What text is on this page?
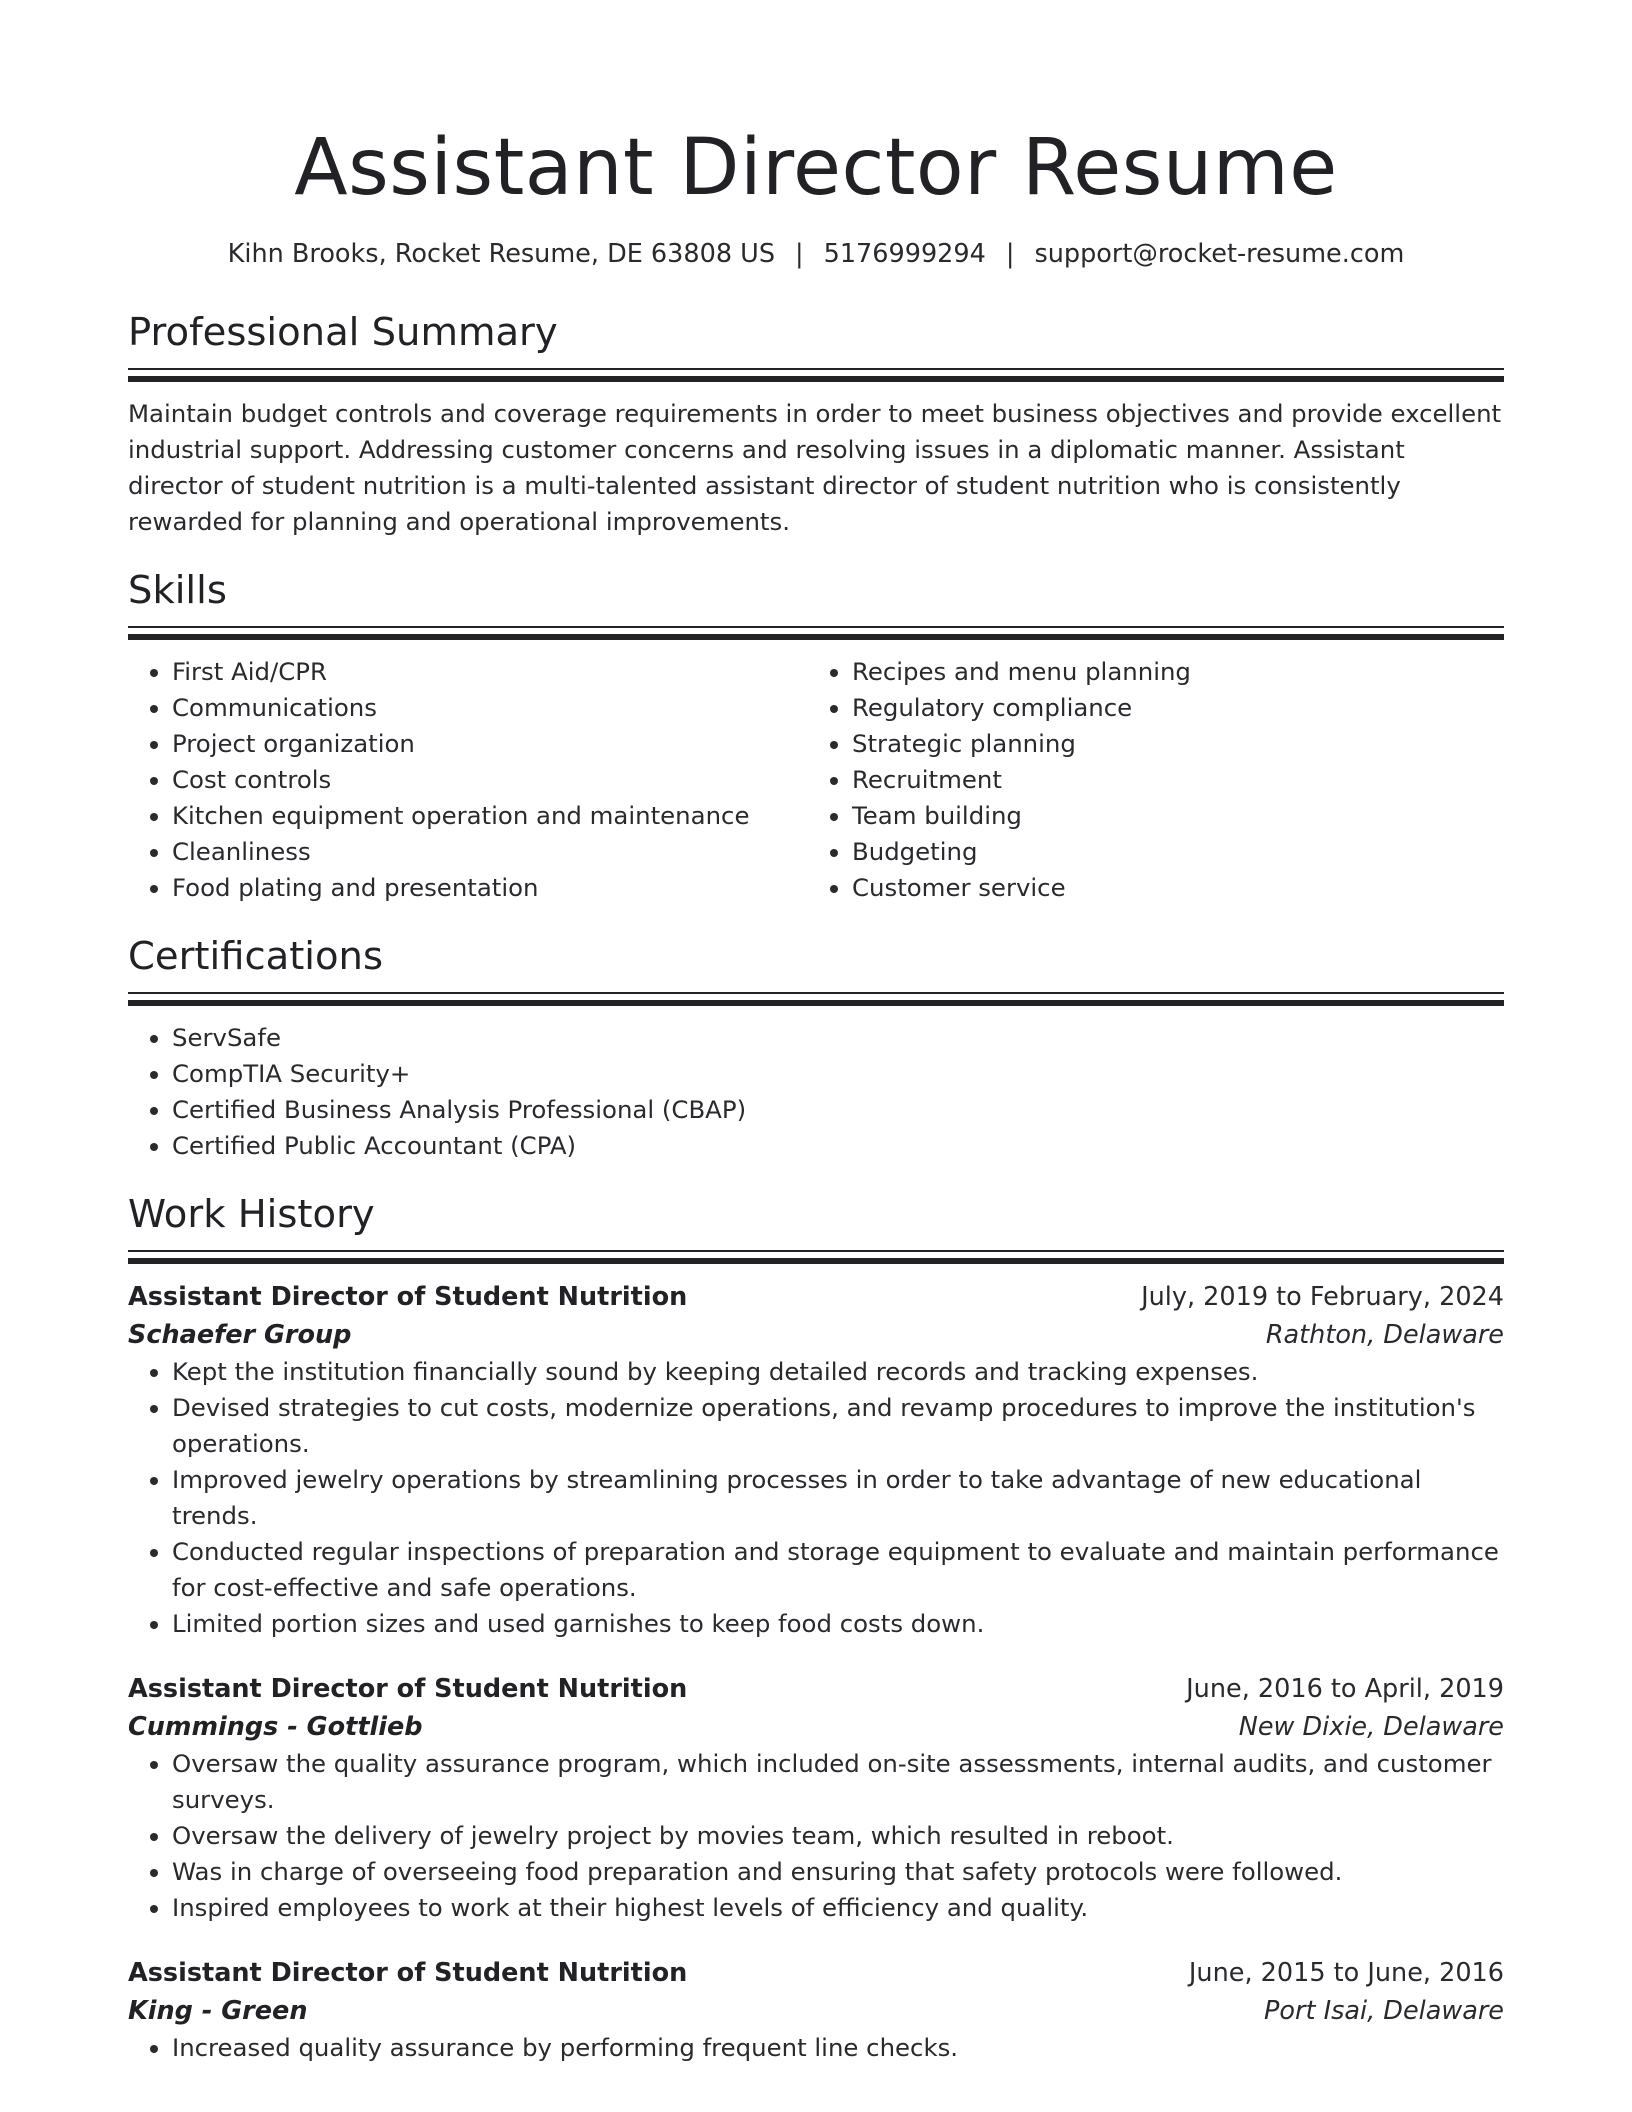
Assistant Director Resume
Kihn Brooks, Rocket Resume, DE 63808 US | 5176999294 | support@rocket-resume.com
Professional Summary

Maintain budget controls and coverage requirements in order to meet business objectives and provide excellent industrial support. Addressing customer concerns and resolving issues in a diplomatic manner. Assistant director of student nutrition is a multi-talented assistant director of student nutrition who is consistently rewarded for planning and operational improvements.

Skills
• First Aid/CPR
• Communications
• Project organization
• Cost controls
• Kitchen equipment operation and maintenance
• Cleanliness
• Food plating and presentation
• Recipes and menu planning
• Regulatory compliance
• Strategic planning
• Recruitment
• Team building
• Budgeting
• Customer service
Certifications
• ServSafe
• CompTIA Security+
• Certified Business Analysis Professional (CBAP)
• Certified Public Accountant (CPA)
Work History
Assistant Director of Student Nutrition	July, 2019 to February, 2024
Schaefer Group	Rathton, Delaware
• Kept the institution financially sound by keeping detailed records and tracking expenses.
• Devised strategies to cut costs, modernize operations, and revamp procedures to improve the institution's operations.
• Improved jewelry operations by streamlining processes in order to take advantage of new educational trends.
• Conducted regular inspections of preparation and storage equipment to evaluate and maintain performance for cost-effective and safe operations.
• Limited portion sizes and used garnishes to keep food costs down.
Assistant Director of Student Nutrition	June, 2016 to April, 2019
Cummings - Gottlieb	New Dixie, Delaware
• Oversaw the quality assurance program, which included on-site assessments, internal audits, and customer surveys.
• Oversaw the delivery of jewelry project by movies team, which resulted in reboot.
• Was in charge of overseeing food preparation and ensuring that safety protocols were followed.
• Inspired employees to work at their highest levels of efficiency and quality.
Assistant Director of Student Nutrition	June, 2015 to June, 2016
King - Green	Port Isai, Delaware
• Increased quality assurance by performing frequent line checks.
